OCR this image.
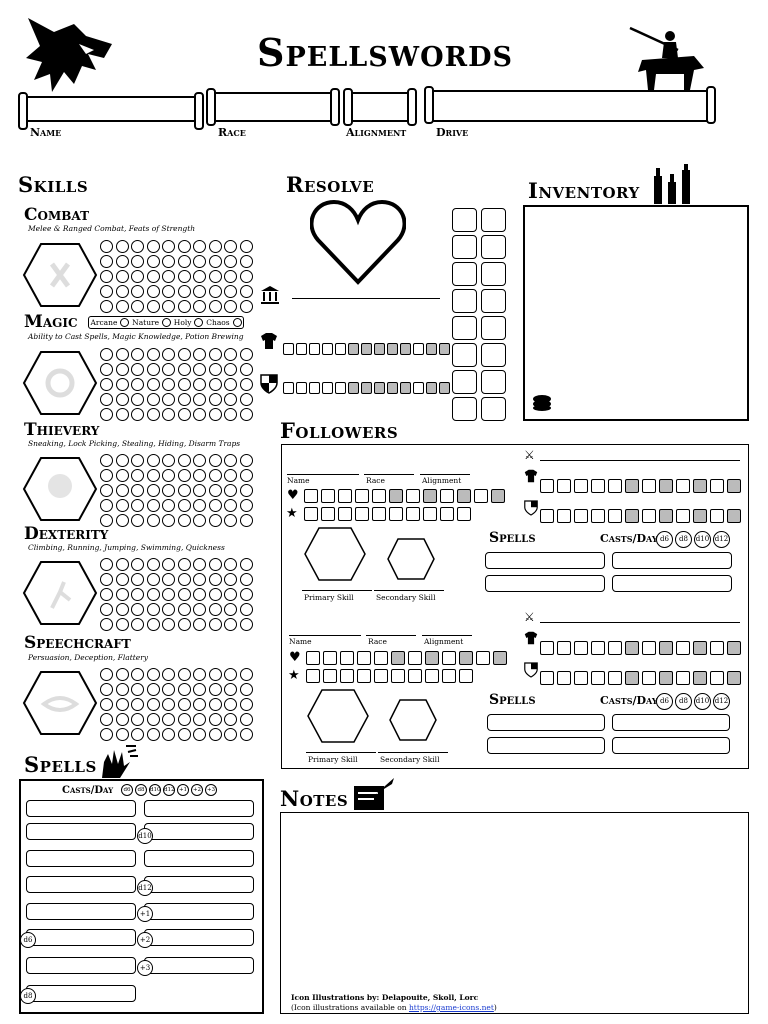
Spellswords
Name	Race	Alignment	Drive
Skills
Combat
Melee & Ranged Combat, Feats of Strength
Magic Arcane Nature Holy Chaos
Ability to Cast Spells, Magic Knowledge, Potion Brewing
Thievery
Sneaking, Lock Picking, Stealing, Hiding, Disarm Traps
Dexterity
Climbing, Running, Jumping, Swimming, Quickness
Speechcraft
Persuasion, Deception, Flattery
Resolve	Inventory
Followers
Name	Race	Alignment
♥
★
Primary Skill	Secondary Skill
⚔
Spells	Casts/Day d6	d8	d10 d12
⚔
Name	Race	Alignment
♥
★
Primary Skill	Secondary Skill
Spells	Casts/Day d6	d8	d10 d12
Spells
Casts/Day	d6	d8 d10 d12 +1	+2	+3
d10
d12
+1
d6	+2
+3
d8
Notes
Icon Illustrations by: Delapouite, Skoll, Lorc
(Icon illustrations available on https://game-icons.net)
